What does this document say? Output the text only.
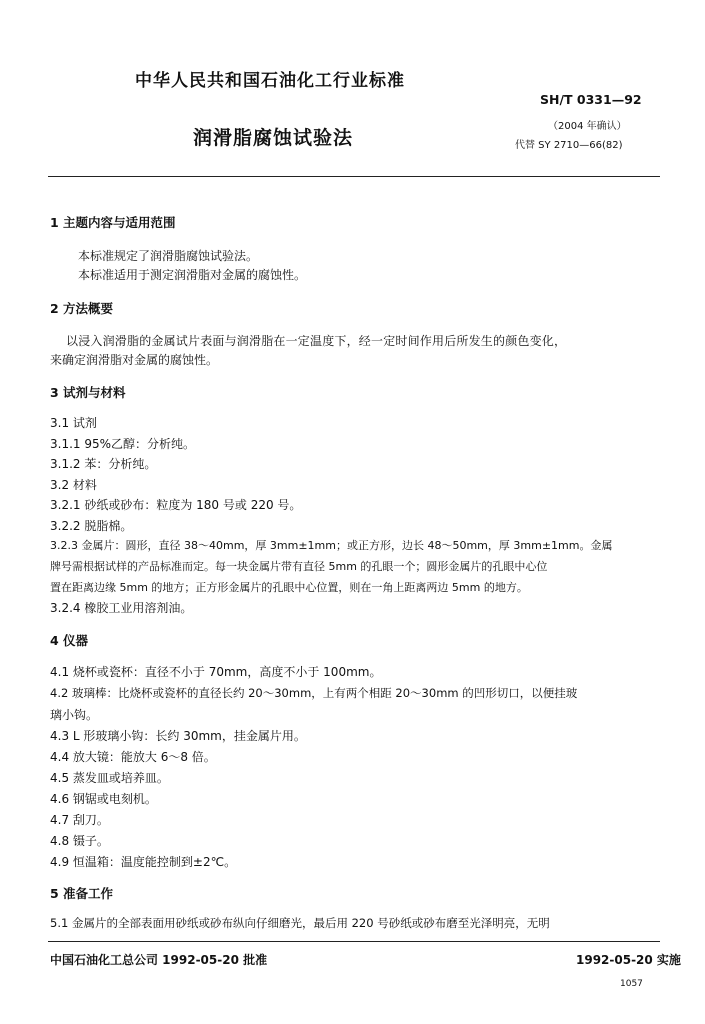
中华人民共和国石油化工行业标准
润滑脂腐蚀试验法
SH/T 0331—92
（2004 年确认）
代替 SY 2710—66(82)
1 主题内容与适用范围
本标准规定了润滑脂腐蚀试验法。
本标准适用于测定润滑脂对金属的腐蚀性。
2 方法概要
以浸入润滑脂的金属试片表面与润滑脂在一定温度下，经一定时间作用后所发生的颜色变化，
来确定润滑脂对金属的腐蚀性。
3 试剂与材料
3.1 试剂
3.1.1 95%乙醇：分析纯。
3.1.2 苯：分析纯。
3.2 材料
3.2.1 砂纸或砂布：粒度为 180 号或 220 号。
3.2.2 脱脂棉。
3.2.3 金属片：圆形，直径 38～40mm，厚 3mm±1mm；或正方形，边长 48～50mm，厚 3mm±1mm。金属
牌号需根据试样的产品标准而定。每一块金属片带有直径 5mm 的孔眼一个；圆形金属片的孔眼中心位
置在距离边缘 5mm 的地方；正方形金属片的孔眼中心位置，则在一角上距离两边 5mm 的地方。
3.2.4 橡胶工业用溶剂油。
4 仪器
4.1 烧杯或瓷杯：直径不小于 70mm，高度不小于 100mm。
4.2 玻璃棒：比烧杯或瓷杯的直径长约 20～30mm，上有两个相距 20～30mm 的凹形切口，以便挂玻
璃小钩。
4.3 L 形玻璃小钩：长约 30mm，挂金属片用。
4.4 放大镜：能放大 6～8 倍。
4.5 蒸发皿或培养皿。
4.6 钢锯或电刻机。
4.7 刮刀。
4.8 镊子。
4.9 恒温箱：温度能控制到±2℃。
5 准备工作
5.1 金属片的全部表面用砂纸或砂布纵向仔细磨光，最后用 220 号砂纸或砂布磨至光泽明亮，无明
中国石油化工总公司 1992-05-20 批准	1992-05-20 实施
1057
